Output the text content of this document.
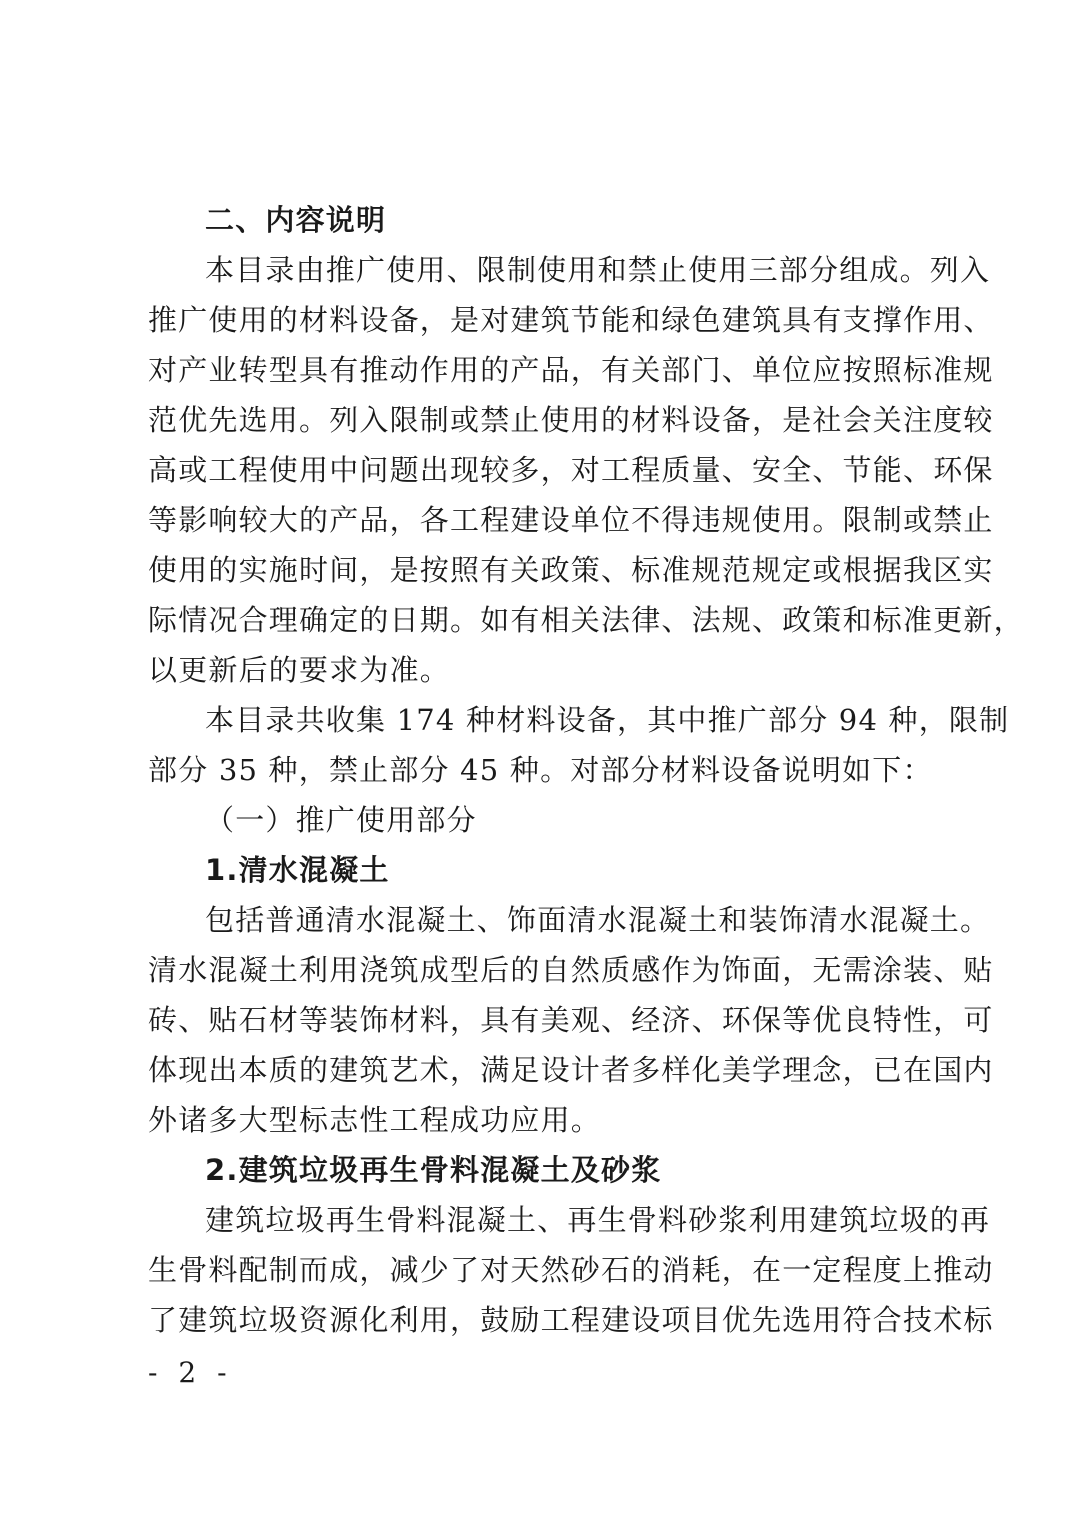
二、内容说明
本目录由推广使用、限制使用和禁止使用三部分组成。列入
推广使用的材料设备，是对建筑节能和绿色建筑具有支撑作用、
对产业转型具有推动作用的产品，有关部门、单位应按照标准规
范优先选用。列入限制或禁止使用的材料设备，是社会关注度较
高或工程使用中问题出现较多，对工程质量、安全、节能、环保
等影响较大的产品，各工程建设单位不得违规使用。限制或禁止
使用的实施时间，是按照有关政策、标准规范规定或根据我区实
际情况合理确定的日期。如有相关法律、法规、政策和标准更新，
以更新后的要求为准。
本目录共收集 174 种材料设备，其中推广部分 94 种，限制
部分 35 种，禁止部分 45 种。对部分材料设备说明如下：
（一）推广使用部分
1.清水混凝土
包括普通清水混凝土、饰面清水混凝土和装饰清水混凝土。
清水混凝土利用浇筑成型后的自然质感作为饰面，无需涂装、贴
砖、贴石材等装饰材料，具有美观、经济、环保等优良特性，可
体现出本质的建筑艺术，满足设计者多样化美学理念，已在国内
外诸多大型标志性工程成功应用。
2.建筑垃圾再生骨料混凝土及砂浆
建筑垃圾再生骨料混凝土、再生骨料砂浆利用建筑垃圾的再
生骨料配制而成，减少了对天然砂石的消耗，在一定程度上推动
了建筑垃圾资源化利用，鼓励工程建设项目优先选用符合技术标
- 2 -
